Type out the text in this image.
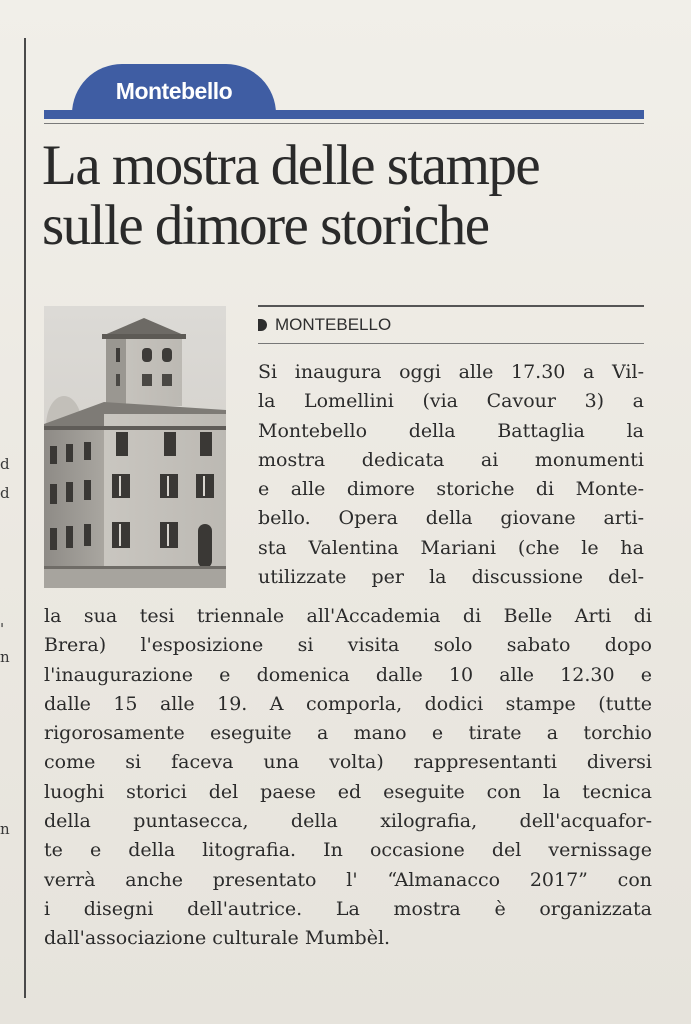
d
d
'
n
n
Montebello
La mostra delle stampe
sulle dimore storiche
MONTEBELLO
Si inaugura oggi alle 17.30 a Vil-
la Lomellini (via Cavour 3) a
Montebello della Battaglia la
mostra dedicata ai monumenti
e alle dimore storiche di Monte-
bello. Opera della giovane arti-
sta Valentina Mariani (che le ha
utilizzate per la discussione del-
la sua tesi triennale all'Accademia di Belle Arti di
Brera) l'esposizione si visita solo sabato dopo
l'inaugurazione e domenica dalle 10 alle 12.30 e
dalle 15 alle 19. A comporla, dodici stampe (tutte
rigorosamente eseguite a mano e tirate a torchio
come si faceva una volta) rappresentanti diversi
luoghi storici del paese ed eseguite con la tecnica
della puntasecca, della xilografia, dell'acquafor-
te e della litografia. In occasione del vernissage
verrà anche presentato l' “Almanacco 2017” con
i disegni dell'autrice. La mostra è organizzata
dall'associazione culturale Mumbèl.
